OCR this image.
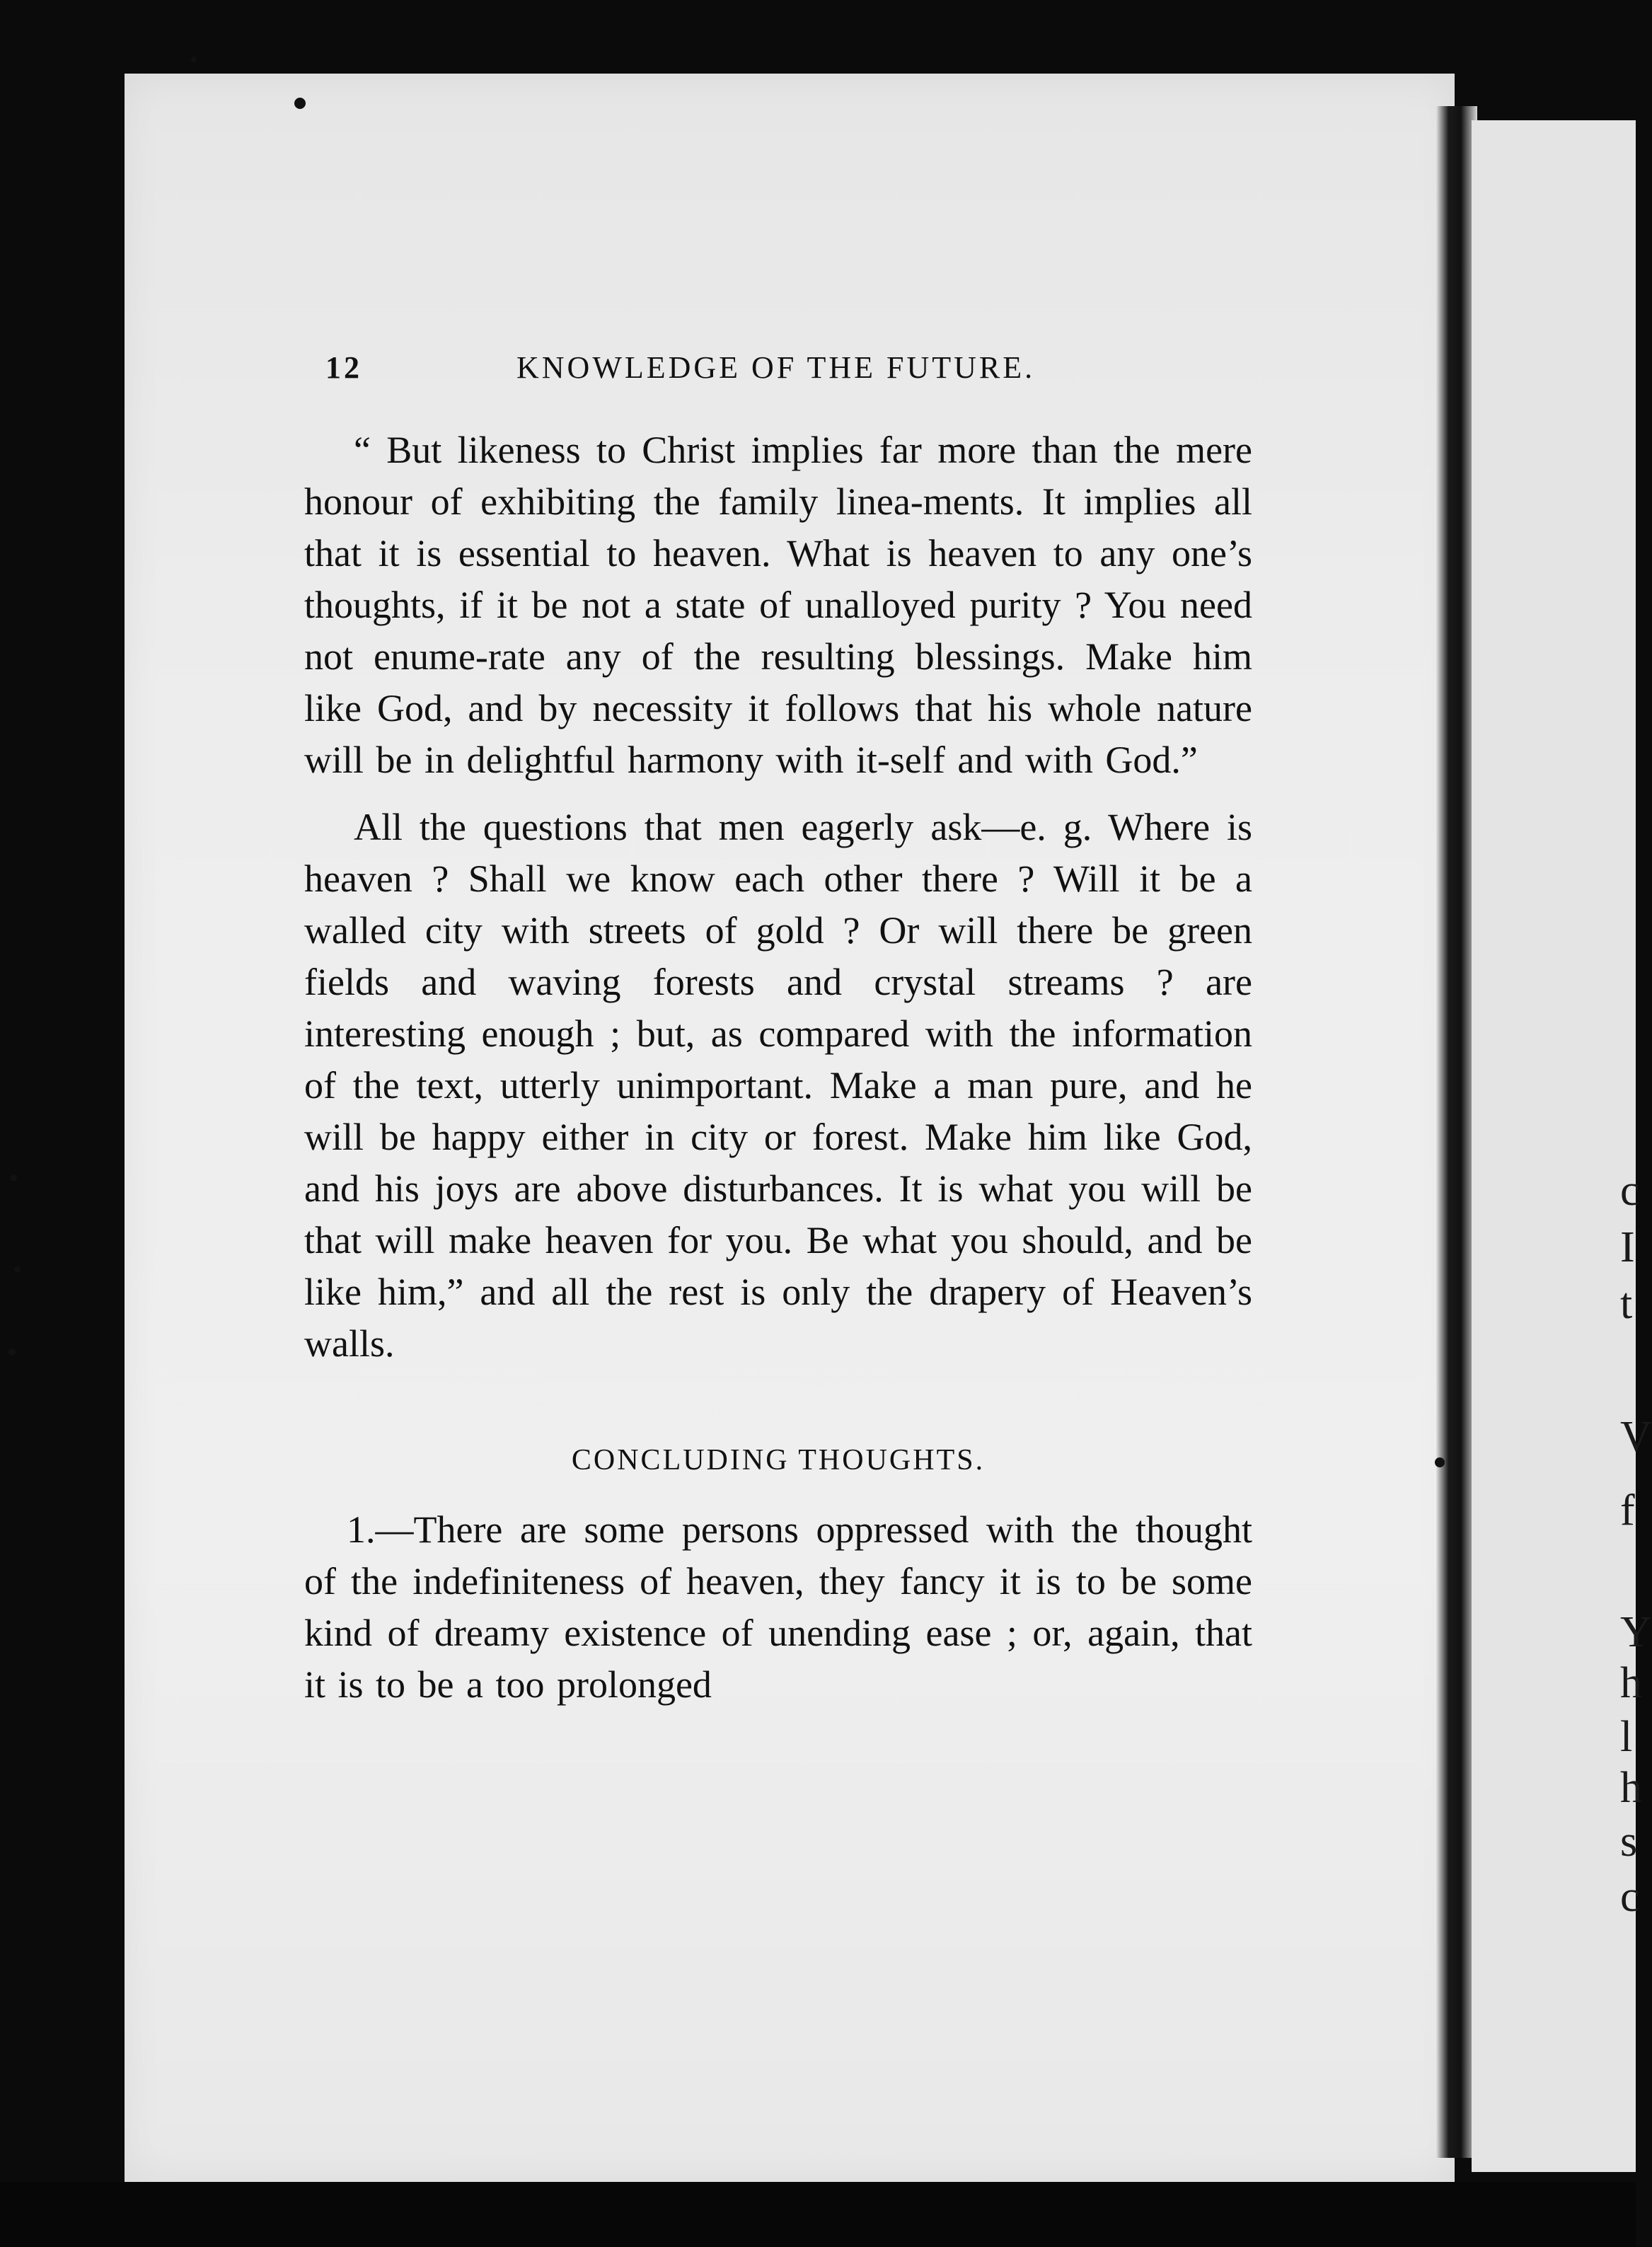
c
I
t
V
f
Y
h
l
h
s
c
12	KNOWLEDGE OF THE FUTURE.

“ But likeness to Christ implies far more than the mere honour of exhibiting the family linea-ments. It implies all that it is essential to heaven. What is heaven to any one’s thoughts, if it be not a state of unalloyed purity ? You need not enume-rate any of the resulting blessings. Make him like God, and by necessity it follows that his whole nature will be in delightful harmony with it-self and with God.”

All the questions that men eagerly ask—e. g. Where is heaven ? Shall we know each other there ? Will it be a walled city with streets of gold ? Or will there be green fields and waving forests and crystal streams ? are interesting enough ; but, as compared with the information of the text, utterly unimportant. Make a man pure, and he will be happy either in city or forest. Make him like God, and his joys are above disturbances. It is what you will be that will make heaven for you. Be what you should, and be like him,” and all the rest is only the drapery of Heaven’s walls.

CONCLUDING THOUGHTS.

1.—There are some persons oppressed with the thought of the indefiniteness of heaven, they fancy it is to be some kind of dreamy existence of unending ease ; or, again, that it is to be a too prolonged
